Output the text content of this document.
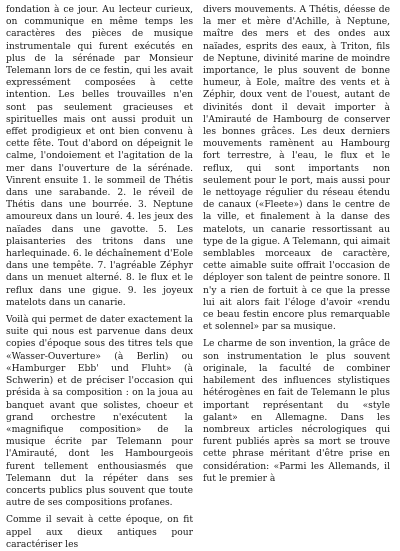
fondation à ce jour. Au lecteur curieux, on communique en même temps les caractères des pièces de musique instrumentale qui furent exécutés en plus de la sérénade par Monsieur Telemann lors de ce festin, qui les avait expressément composées à cette intention. Les belles trouvailles n'en sont pas seulement gracieuses et spirituelles mais ont aussi produit un effet prodigieux et ont bien convenu à cette fête. Tout d'abord on dépeignit le calme, l'ondoiement et l'agitation de la mer dans l'ouverture de la sérénade. Vinrent ensuite 1. le sommeil de Thétis dans une sarabande. 2. le réveil de Thétis dans une bourrée. 3. Neptune amoureux dans un louré. 4. les jeux des naïades dans une gavotte. 5. Les plaisanteries des tritons dans une harlequinade. 6. le déchaînement d'Eole dans une tempête. 7. l'agréable Zéphyr dans un menuet alterné. 8. le flux et le reflux dans une gigue. 9. les joyeux matelots dans un canarie.

Voilà qui permet de dater exactement la suite qui nous est parvenue dans deux copies d'époque sous des titres tels que «Wasser-Ouverture» (à Berlin) ou «Hamburger Ebb' und Fluht» (à Schwerin) et de préciser l'occasion qui présida à sa composition : on la joua au banquet avant que solistes, choeur et grand orchestre n'exécutent la «magnifique composition» de la musique écrite par Telemann pour l'Amirauté, dont les Hambourgeois furent tellement enthousiasmés que Telemann dut la répéter dans ses concerts publics plus souvent que toute autre de ses compositions profanes.

Comme il sevait à cette époque, on fit appel aux dieux antiques pour caractériser les

divers mouvements. A Thétis, déesse de la mer et mère d'Achille, à Neptune, maître des mers et des ondes aux naïades, esprits des eaux, à Triton, fils de Neptune, divinité marine de moindre importance, le plus souvent de bonne humeur, à Eole, maître des vents et à Zéphir, doux vent de l'ouest, autant de divinités dont il devait importer à l'Amirauté de Hambourg de conserver les bonnes grâces. Les deux derniers mouvements ramènent au Hambourg fort terrestre, à l'eau, le flux et le reflux, qui sont importants non seulement pour le port, mais aussi pour le nettoyage régulier du réseau étendu de canaux («Fleete») dans le centre de la ville, et finalement à la danse des matelots, un canarie ressortissant au type de la gigue. A Telemann, qui aimait semblables morceaux de caractère, cette aimable suite offrait l'occasion de déployer son talent de peintre sonore. Il n'y a rien de fortuit à ce que la presse lui ait alors fait l'éloge d'avoir «rendu ce beau festin encore plus remarquable et solennel» par sa musique.

Le charme de son invention, la grâce de son instrumentation le plus souvent originale, la faculté de combiner habilement des influences stylistiques hétérogènes en fait de Telemann le plus important représentant du «style galant» en Allemagne. Dans les nombreux articles nécrologiques qui furent publiés après sa mort se trouve cette phrase méritant d'être prise en considération: «Parmi les Allemands, il fut le premier à
